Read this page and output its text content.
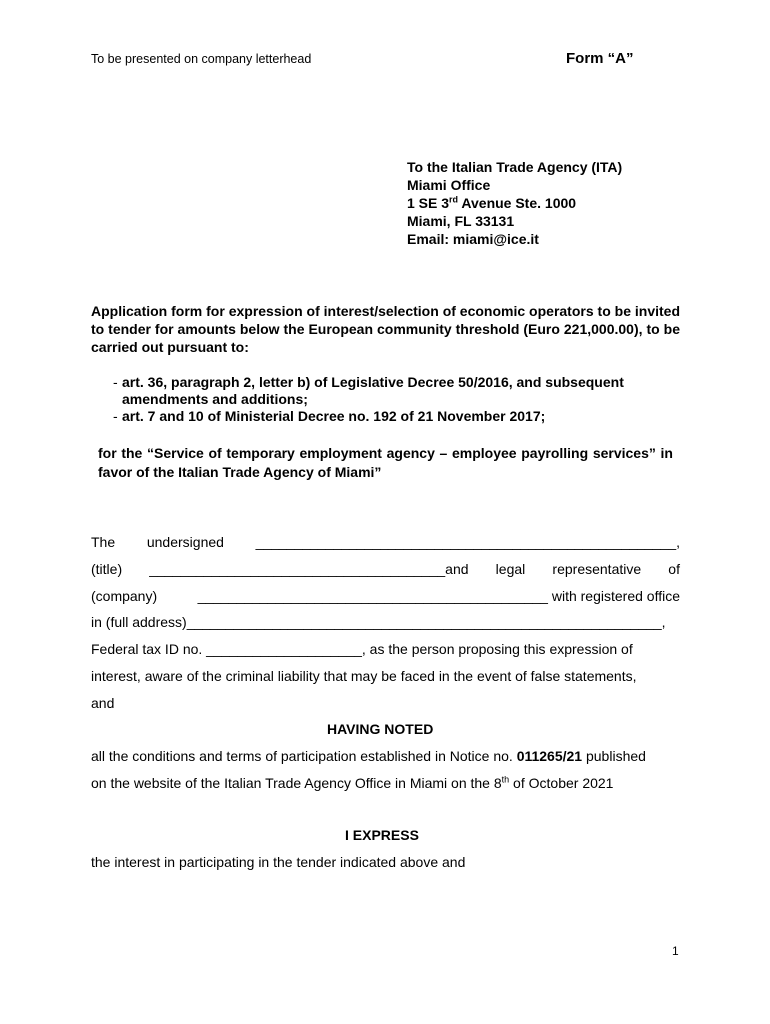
To be presented on company letterhead	Form “A”
To the Italian Trade Agency (ITA)
Miami Office
1 SE 3rd Avenue Ste. 1000
Miami, FL 33131
Email: miami@ice.it
Application form for expression of interest/selection of economic operators to be invited to tender for amounts below the European community threshold (Euro 221,000.00), to be carried out pursuant to:
- art. 36, paragraph 2, letter b) of Legislative Decree 50/2016, and subsequent amendments and additions;
- art. 7 and 10 of Ministerial Decree no. 192 of 21 November 2017;
for the “Service of temporary employment agency – employee payrolling services” in favor of the Italian Trade Agency of Miami”
The undersigned ______________________________________________________,
(title) ______________________________________and legal representative of
(company)	_____________________________________________ with registered office
in (full address)_____________________________________________________________,
Federal tax ID no. ____________________, as the person proposing this expression of
interest, aware of the criminal liability that may be faced in the event of false statements,
and
HAVING NOTED
all the conditions and terms of participation established in Notice no. 011265/21 published
on the website of the Italian Trade Agency Office in Miami on the 8th of October 2021
I EXPRESS
the interest in participating in the tender indicated above and
1
